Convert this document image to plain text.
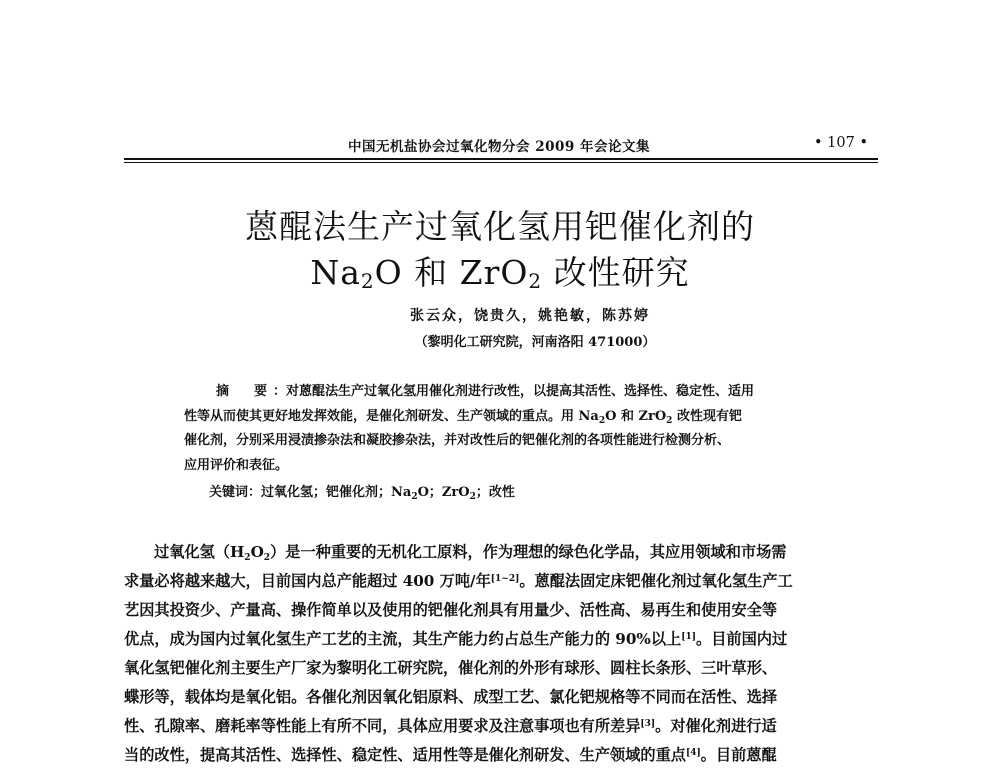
中国无机盐协会过氧化物分会 2009 年会论文集	• 107 •
蒽醌法生产过氧化氢用钯催化剂的
$Na_2O$ 和 ZrO$_2$ 改性研究
张云众，饶贵久，姚艳敏，陈苏婷
（黎明化工研究院，河南洛阳 471000）
摘　要：对蒽醌法生产过氧化氢用催化剂进行改性，以提高其活性、选择性、稳定性、适用
性等从而使其更好地发挥效能，是催化剂研发、生产领域的重点。用 $Na_2O$ 和 ZrO$_2$ 改性现有钯
催化剂，分别采用浸渍掺杂法和凝胶掺杂法，并对改性后的钯催化剂的各项性能进行检测分析、
应用评价和表征。
关键词：过氧化氢；钯催化剂；$Na_2O$；ZrO$_2$；改性
过氧化氢$(H_2O_2)$是一种重要的无机化工原料，作为理想的绿色化学品，其应用领域和市场需
求量必将越来越大，目前国内总产能超过 400 万吨/年[1~2]。蒽醌法固定床钯催化剂过氧化氢生产工
艺因其投资少、产量高、操作简单以及使用的钯催化剂具有用量少、活性高、易再生和使用安全等
优点，成为国内过氧化氢生产工艺的主流，其生产能力约占总生产能力的 90%以上[1]。目前国内过
氧化氢钯催化剂主要生产厂家为黎明化工研究院，催化剂的外形有球形、圆柱长条形、三叶草形、
蝶形等，载体均是氧化铝。各催化剂因氧化铝原料、成型工艺、氯化钯规格等不同而在活性、选择
性、孔隙率、磨耗率等性能上有所不同，具体应用要求及注意事项也有所差异[3]。对催化剂进行适
当的改性，提高其活性、选择性、稳定性、适用性等是催化剂研发、生产领域的重点[4]。目前蒽醌
